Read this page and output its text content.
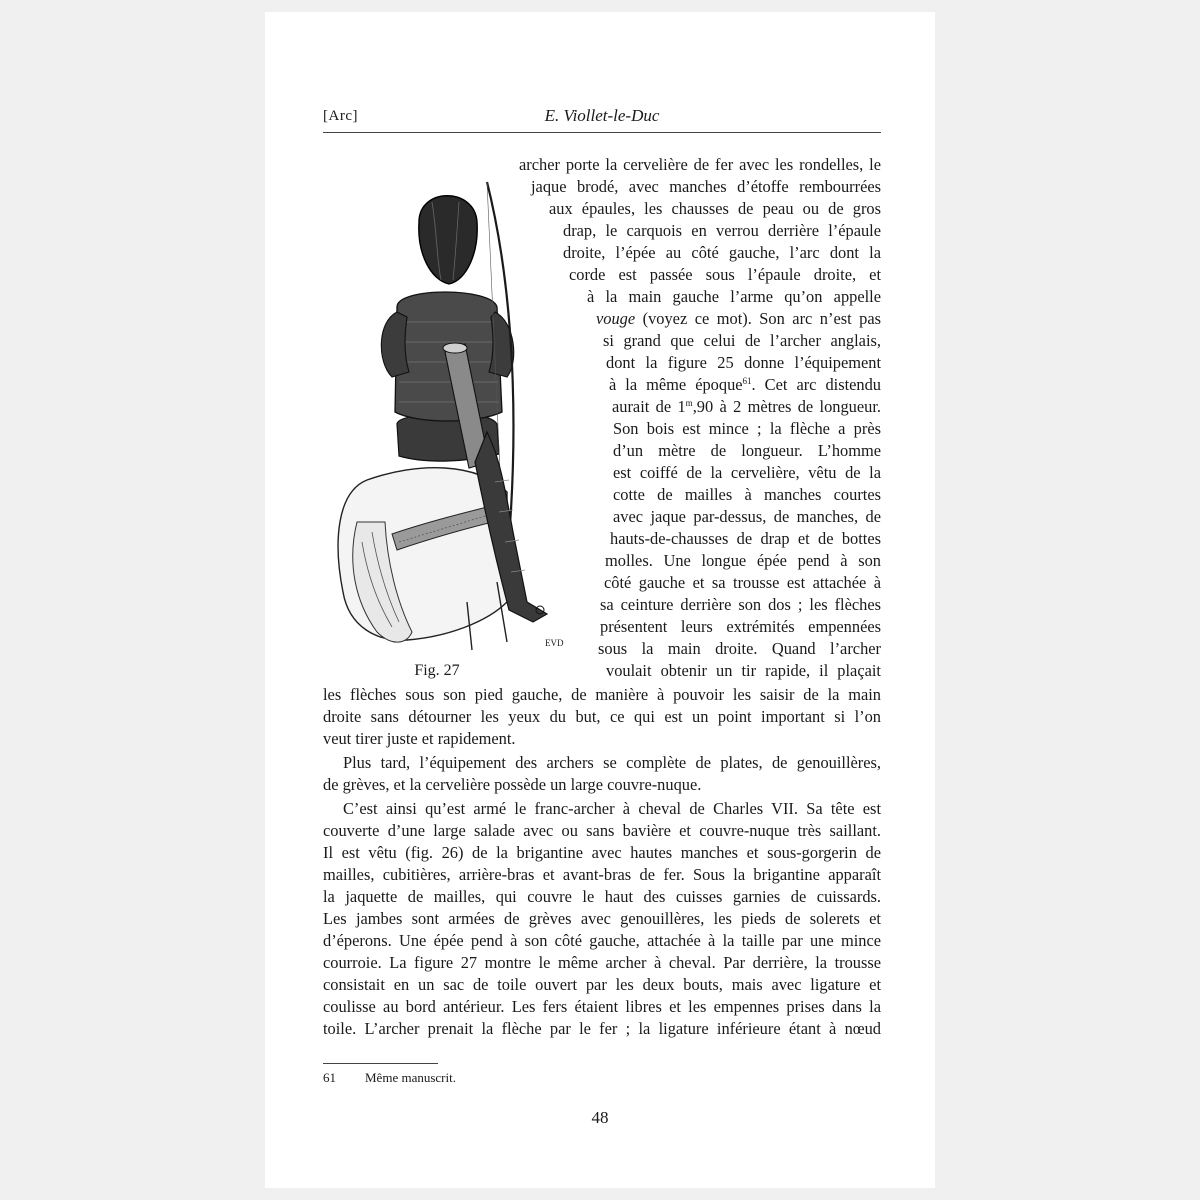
[Arc]	E. Viollet-le-Duc
EVD
Fig. 27
archer porte la cervelière de fer avec les rondelles, le
jaque brodé, avec manches d’étoffe rembourrées
aux épaules, les chausses de peau ou de gros
drap, le carquois en verrou derrière l’épaule
droite, l’épée au côté gauche, l’arc dont la
corde est passée sous l’épaule droite, et
à la main gauche l’arme qu’on appelle
vouge (voyez ce mot). Son arc n’est pas
si grand que celui de l’archer anglais,
dont la figure 25 donne l’équipement
à la même époque$^{61}$. Cet arc distendu
aurait de 1$^m$,90 à 2 mètres de longueur.
Son bois est mince ; la flèche a près
d’un mètre de longueur. L’homme
est coiffé de la cervelière, vêtu de la
cotte de mailles à manches courtes
avec jaque par-dessus, de manches, de
hauts-de-chausses de drap et de bottes
molles. Une longue épée pend à son
côté gauche et sa trousse est attachée à
sa ceinture derrière son dos ; les flèches
présentent leurs extrémités empennées
sous la main droite. Quand l’archer
voulait obtenir un tir rapide, il plaçait
les flèches sous son pied gauche, de manière à pouvoir les saisir de la main
droite sans détourner les yeux du but, ce qui est un point important si l’on
veut tirer juste et rapidement.
Plus tard, l’équipement des archers se complète de plates, de genouillères,
de grèves, et la cervelière possède un large couvre-nuque.
C’est ainsi qu’est armé le franc-archer à cheval de Charles VII. Sa tête est
couverte d’une large salade avec ou sans bavière et couvre-nuque très saillant.
Il est vêtu (fig. 26) de la brigantine avec hautes manches et sous-gorgerin de
mailles, cubitières, arrière-bras et avant-bras de fer. Sous la brigantine apparaît
la jaquette de mailles, qui couvre le haut des cuisses garnies de cuissards.
Les jambes sont armées de grèves avec genouillères, les pieds de solerets et
d’éperons. Une épée pend à son côté gauche, attachée à la taille par une mince
courroie. La figure 27 montre le même archer à cheval. Par derrière, la trousse
consistait en un sac de toile ouvert par les deux bouts, mais avec ligature et
coulisse au bord antérieur. Les fers étaient libres et les empennes prises dans la
toile. L’archer prenait la flèche par le fer ; la ligature inférieure étant à nœud
61 Même manuscrit.
48
